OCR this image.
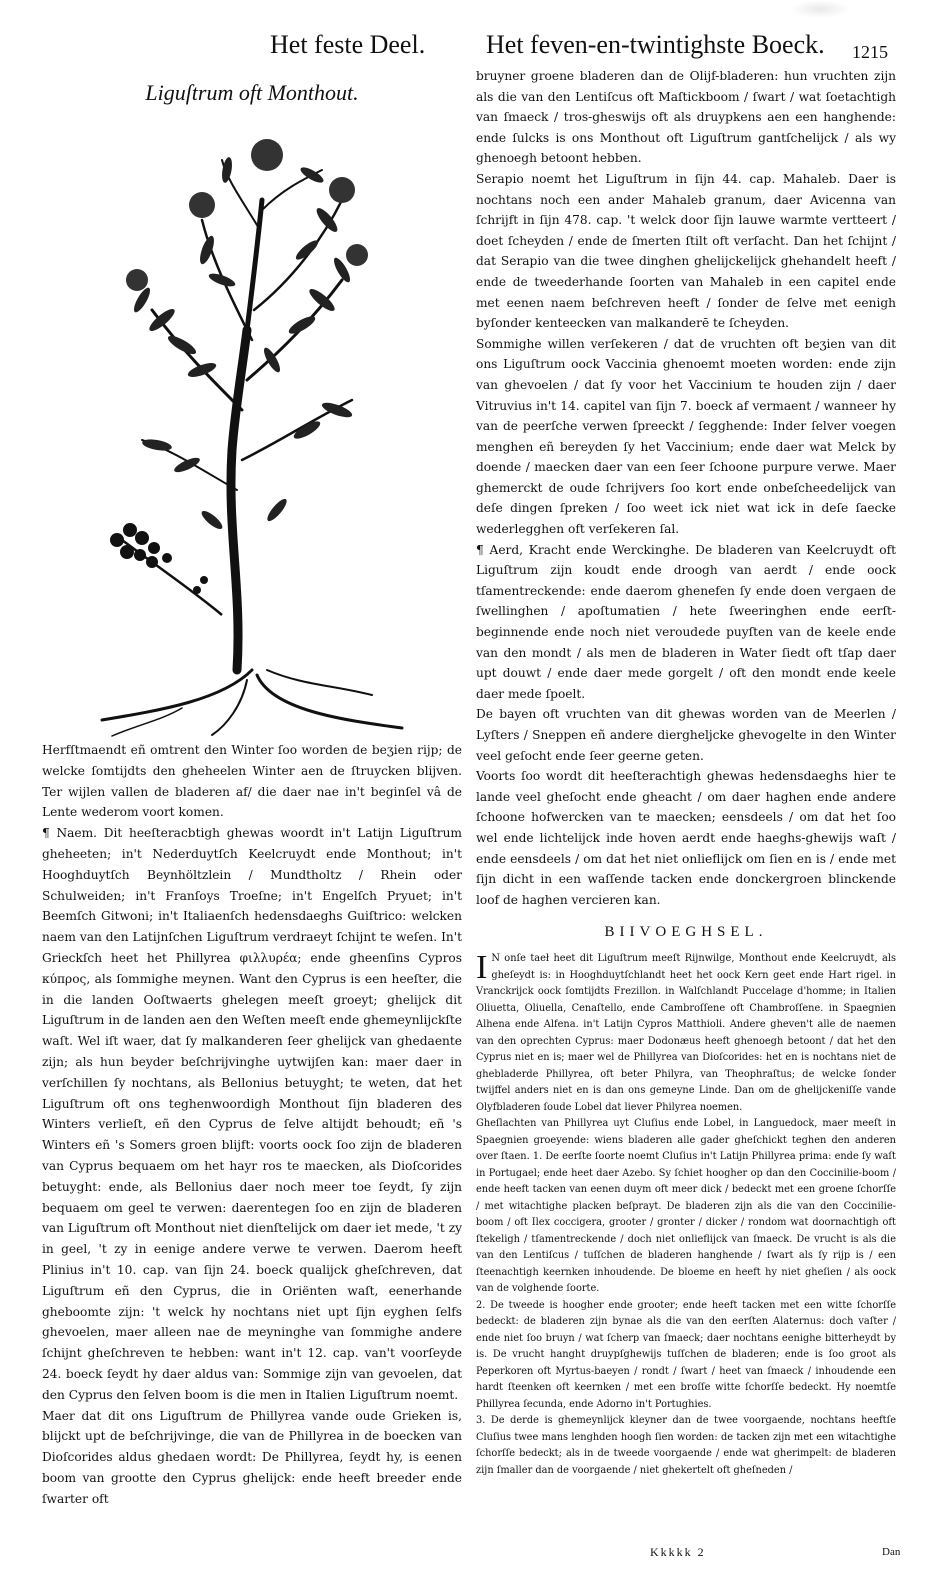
Het feste Deel. Het feven-en-twintighste Boeck. 1215
Liguſtrum oft Monthout.

Herfſtmaendt eñ omtrent den Winter ſoo worden de beʒien rijp; de welcke ſomtijdts den gheheelen Winter aen de ſtruycken blijven. Ter wijlen vallen de bladeren af/ die daer nae in't beginſel vâ de Lente wederom voort komen.

¶ Naem. Dit heeſteracbtigh ghewas woordt in't Latijn Liguſtrum gheheeten; in't Nederduytſch Keelcruydt ende Monthout; in't Hooghduytſch Beynhöltzlein / Mundtholtz / Rhein oder Schulweiden; in't Franſoys Troeſne; in't Engelſch Pryuet; in't Beemſch Gitwoni; in't Italiaenſch hedensdaeghs Guiſtrico: welcken naem van den Latijnſchen Liguſtrum verdraeyt ſchijnt te weſen. In't Grieckſch heet het Phillyrea φιλλυρέα; ende gheenſins Cypros κύπρος, als ſommighe meynen. Want den Cyprus is een heeſter, die in die landen Ooſtwaerts ghelegen meeſt groeyt; ghelijck dit Liguſtrum in de landen aen den Weſten meeſt ende ghemeynlijckſte waſt. Wel iſt waer, dat ſy malkanderen ſeer ghelijck van ghedaente zijn; als hun beyder beſchrijvinghe uytwijſen kan: maer daer in verſchillen ſy nochtans, als Bellonius betuyght; te weten, dat het Liguſtrum oft ons teghenwoordigh Monthout ſijn bladeren des Winters verlieſt, eñ den Cyprus de ſelve altijdt behoudt; eñ 's Winters eñ 's Somers groen blijft: voorts oock ſoo zijn de bladeren van Cyprus bequaem om het hayr ros te maecken, als Dioſcorides betuyght: ende, als Bellonius daer noch meer toe ſeydt, ſy zijn bequaem om geel te verwen: daerentegen ſoo en zijn de bladeren van Liguſtrum oft Monthout niet dienſtelijck om daer iet mede, 't zy in geel, 't zy in eenige andere verwe te verwen. Daerom heeft Plinius in't 10. cap. van ſijn 24. boeck qualijck gheſchreven, dat Liguſtrum eñ den Cyprus, die in Oriënten waſt, eenerhande gheboomte zijn: 't welck hy nochtans niet upt ſijn eyghen ſelfs ghevoelen, maer alleen nae de meyninghe van ſommighe andere ſchijnt gheſchreven te hebben: want in't 12. cap. van't voorſeyde 24. boeck ſeydt hy daer aldus van: Sommige zijn van gevoelen, dat den Cyprus den ſelven boom is die men in Italien Liguſtrum noemt.

Maer dat dit ons Liguſtrum de Phillyrea vande oude Grieken is, blijckt upt de beſchrijvinge, die van de Phillyrea in de boecken van Dioſcorides aldus ghedaen wordt: De Phillyrea, ſeydt hy, is eenen boom van grootte den Cyprus ghelijck: ende heeft breeder ende ſwarter oft

bruyner groene bladeren dan de Olijf-bladeren: hun vruchten zijn als die van den Lentiſcus oft Maſtickboom / ſwart / wat ſoetachtigh van ſmaeck / tros-gheswijs oft als druypkens aen een hanghende: ende ſulcks is ons Monthout oft Liguſtrum gantſchelijck / als wy ghenoegh betoont hebben.

Serapio noemt het Liguſtrum in ſijn 44. cap. Mahaleb. Daer is nochtans noch een ander Mahaleb granum, daer Avicenna van ſchrijft in ſijn 478. cap. 't welck door ſijn lauwe warmte vertteert / doet ſcheyden / ende de ſmerten ſtilt oft verſacht. Dan het ſchijnt / dat Serapio van die twee dinghen ghelijckelijck ghehandelt heeft / ende de tweederhande ſoorten van Mahaleb in een capitel ende met eenen naem beſchreven heeft / ſonder de ſelve met eenigh byſonder kenteecken van malkanderē te ſcheyden.

Sommighe willen verſekeren / dat de vruchten oft beʒien van dit ons Liguſtrum oock Vaccinia ghenoemt moeten worden: ende zijn van ghevoelen / dat ſy voor het Vaccinium te houden zijn / daer Vitruvius in't 14. capitel van ſijn 7. boeck af vermaent / wanneer hy van de peerſche verwen ſpreeckt / ſegghende: Inder ſelver voegen menghen eñ bereyden ſy het Vaccinium; ende daer wat Melck by doende / maecken daer van een ſeer ſchoone purpure verwe. Maer ghemerckt de oude ſchrijvers ſoo kort ende onbeſcheedelijck van deſe dingen ſpreken / ſoo weet ick niet wat ick in deſe ſaecke wederlegghen oft verſekeren ſal.

¶ Aerd, Kracht ende Werckinghe. De bladeren van Keelcruydt oft Liguſtrum zijn koudt ende droogh van aerdt / ende oock tſamentreckende: ende daerom ghenefen ſy ende doen vergaen de ſwellinghen / apoſtumatien / hete ſweeringhen ende eerſt-beginnende ende noch niet veroudede puyſten van de keele ende van den mondt / als men de bladeren in Water ſiedt oft tſap daer upt douwt / ende daer mede gorgelt / oft den mondt ende keele daer mede ſpoelt.

De bayen oft vruchten van dit ghewas worden van de Meerlen / Lyſters / Sneppen eñ andere diergheljcke ghevogelte in den Winter veel geſocht ende ſeer geerne geten.

Voorts ſoo wordt dit heeſterachtigh ghewas hedensdaeghs hier te lande veel gheſocht ende gheacht / om daer haghen ende andere ſchoone hofwercken van te maecken; eensdeels / om dat het ſoo wel ende lichtelijck inde hoven aerdt ende haeghs-ghewijs waſt / ende eensdeels / om dat het niet onlieflijck om ſien en is / ende met ſijn dicht in een waſſende tacken ende donckergroen blinckende loof de haghen vercieren kan.

BIIVOEGHSEL.

I N onſe taeł heet dit Liguſtrum meeſt Rijnwilge, Monthout ende Keelcruydt, als gheſeydt is: in Hooghduytſchlandt heet het oock Kern geet ende Hart rigel. in Vranckrijck oock ſomtijdts Frezillon. in Walſchlandt Puccelage d'homme; in Italien Oliuetta, Oliuella, Cenaſtello, ende Cambroſſene oft Chambroſſene. in Spaegnien Alhena ende Alfena. in't Latijn Cypros Matthioli. Andere gheven't alle de naemen van den oprechten Cyprus: maer Dodonæus heeft ghenoegh betoont / dat het den Cyprus niet en is; maer wel de Phillyrea van Dioſcorides: het en is nochtans niet de ghebladerde Phillyrea, oft beter Philyra, van Theophraſtus; de welcke ſonder twijffel anders niet en is dan ons gemeyne Linde. Dan om de ghelijckeniſſe vande Olyfbladeren ſoude Lobel dat liever Philyrea noemen.

Gheſlachten van Phillyrea uyt Cluſius ende Lobel, in Languedock, maer meeſt in Spaegnien groeyende: wiens bladeren alle gader gheſchickt teghen den anderen over ſtaen. 1. De eerſte ſoorte noemt Cluſius in't Latijn Phillyrea prima: ende ſy waſt in Portugael; ende heet daer Azebo. Sy ſchiet hoogher op dan den Coccinilie-boom / ende heeft tacken van eenen duym oft meer dick / bedeckt met een groene ſchorſſe / met witachtighe placken beſprayt. De bladeren zijn als die van den Coccinilie-boom / oft Ilex coccigera, grooter / gronter / dicker / rondom wat doornachtigh oft ſtekeligh / tſamentreckende / doch niet onlieflijck van ſmaeck. De vrucht is als die van den Lentiſcus / tuſſchen de bladeren hanghende / ſwart als ſy rijp is / een ſteenachtigh keernken inhoudende. De bloeme en heeft hy niet gheſien / als oock van de volghende ſoorte.

2. De tweede is hoogher ende grooter; ende heeft tacken met een witte ſchorſſe bedeckt: de bladeren zijn bynae als die van den eerſten Alaternus: doch vaſter / ende niet ſoo bruyn / wat ſcherp van ſmaeck; daer nochtans eenighe bitterheydt by is. De vrucht hanght druypſghewijs tuſſchen de bladeren; ende is ſoo groot als Peperkoren oft Myrtus-baeyen / rondt / ſwart / heet van ſmaeck / inhoudende een hardt ſteenken oft keernken / met een broſſe witte ſchorſſe bedeckt. Hy noemtſe Phillyrea ſecunda, ende Adorno in't Portughies.

3. De derde is ghemeynlijck kleyner dan de twee voorgaende, nochtans heeftſe Cluſius twee mans lenghden hoogh ſien worden: de tacken zijn met een witachtighe ſchorſſe bedeckt; als in de tweede voorgaende / ende wat gherimpelt: de bladeren zijn ſmaller dan de voorgaende / niet ghekertelt oft gheſneden /

Kkkkk 2	Dan
